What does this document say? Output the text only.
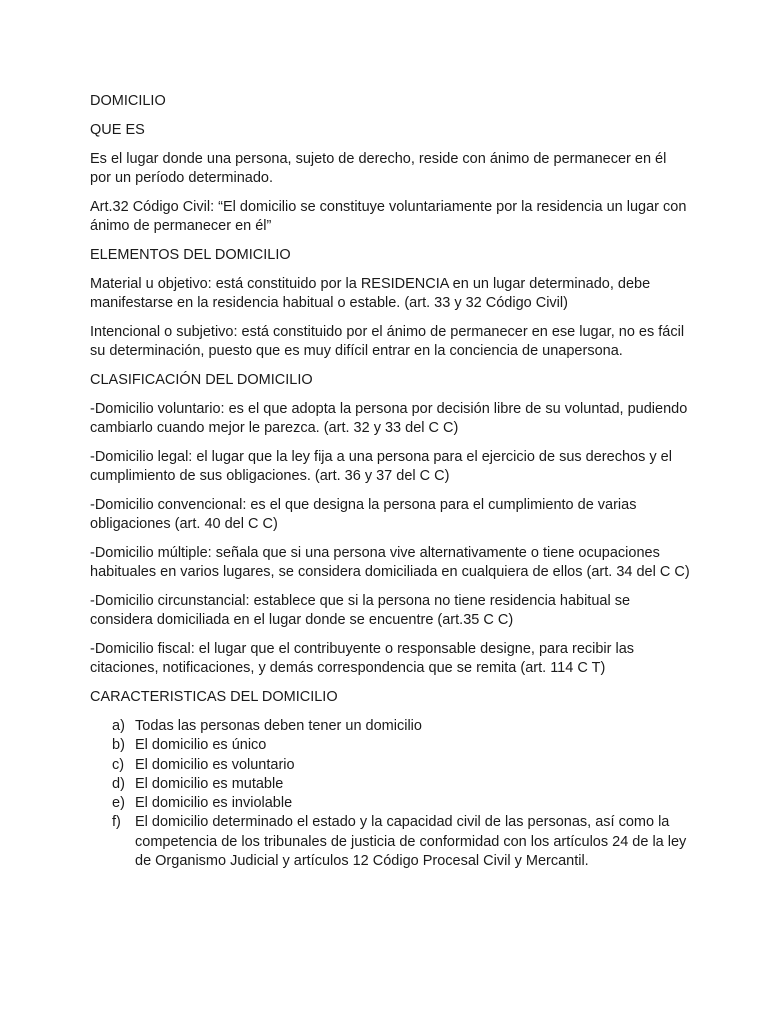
DOMICILIO
QUE ES
Es el lugar donde una persona, sujeto de derecho, reside con ánimo de permanecer en él por un período determinado.
Art.32 Código Civil: “El domicilio se constituye voluntariamente por la residencia un lugar con ánimo de permanecer en él”
ELEMENTOS DEL DOMICILIO
Material u objetivo: está constituido por la RESIDENCIA en un lugar determinado, debe manifestarse en la residencia habitual o estable. (art. 33 y 32 Código Civil)
Intencional o subjetivo: está constituido por el ánimo de permanecer en ese lugar, no es fácil su determinación, puesto que es muy difícil entrar en la conciencia de unapersona.
CLASIFICACIÓN DEL DOMICILIO
-Domicilio voluntario: es el que adopta la persona por decisión libre de su voluntad, pudiendo cambiarlo cuando mejor le parezca. (art. 32 y 33 del C C)
-Domicilio legal: el lugar que la ley fija a una persona para el ejercicio de sus derechos y el cumplimiento de sus obligaciones. (art. 36 y 37 del C C)
-Domicilio convencional: es el que designa la persona para el cumplimiento de varias obligaciones (art. 40 del C C)
-Domicilio múltiple: señala que si una persona vive alternativamente o tiene ocupaciones habituales en varios lugares, se considera domiciliada en cualquiera de ellos (art. 34 del C C)
-Domicilio circunstancial: establece que si la persona no tiene residencia habitual se considera domiciliada en el lugar donde se encuentre (art.35 C C)
-Domicilio fiscal: el lugar que el contribuyente o responsable designe, para recibir las citaciones, notificaciones, y demás correspondencia que se remita (art. 114 C T)
CARACTERISTICAS DEL DOMICILIO
a) Todas las personas deben tener un domicilio
b) El domicilio es único
c) El domicilio es voluntario
d) El domicilio es mutable
e) El domicilio es inviolable
f) El domicilio determinado el estado y la capacidad civil de las personas, así como la competencia de los tribunales de justicia de conformidad con los artículos 24 de la ley de Organismo Judicial y artículos 12 Código Procesal Civil y Mercantil.
